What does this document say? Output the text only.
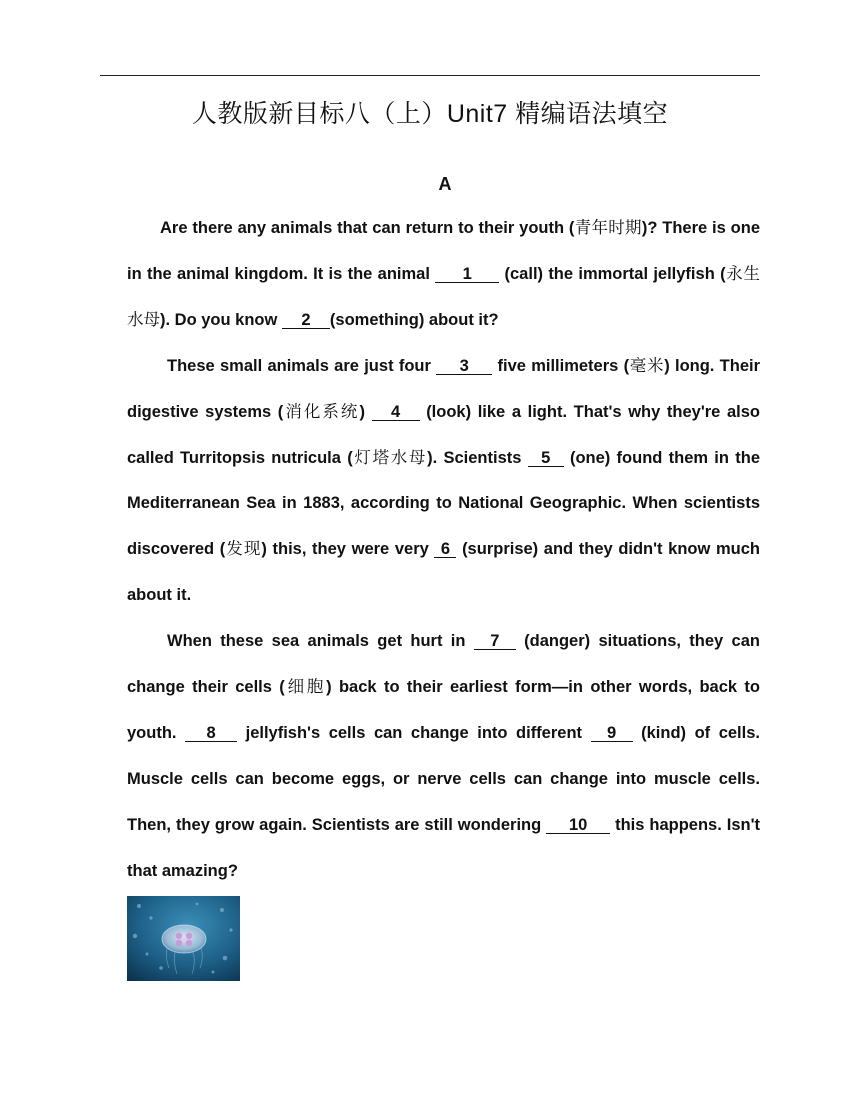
人教版新目标八（上）Unit7 精编语法填空
A

Are there any animals that can return to their youth (青年时期)? There is one in the animal kingdom. It is the animal 1 (call) the immortal jellyfish (永生水母). Do you know 2 (something) about it?

These small animals are just four 3 five millimeters (毫米) long. Their digestive systems (消化系统) 4 (look) like a light. That's why they're also called Turritopsis nutricula (灯塔水母). Scientists 5 (one) found them in the Mediterranean Sea in 1883, according to National Geographic. When scientists discovered (发现) this, they were very 6 (surprise) and they didn't know much about it.

When these sea animals get hurt in 7 (danger) situations, they can change their cells (细胞) back to their earliest form—in other words, back to youth. 8 jellyfish's cells can change into different 9 (kind) of cells. Muscle cells can become eggs, or nerve cells can change into muscle cells. Then, they grow again. Scientists are still wondering 10 this happens. Isn't that amazing?
